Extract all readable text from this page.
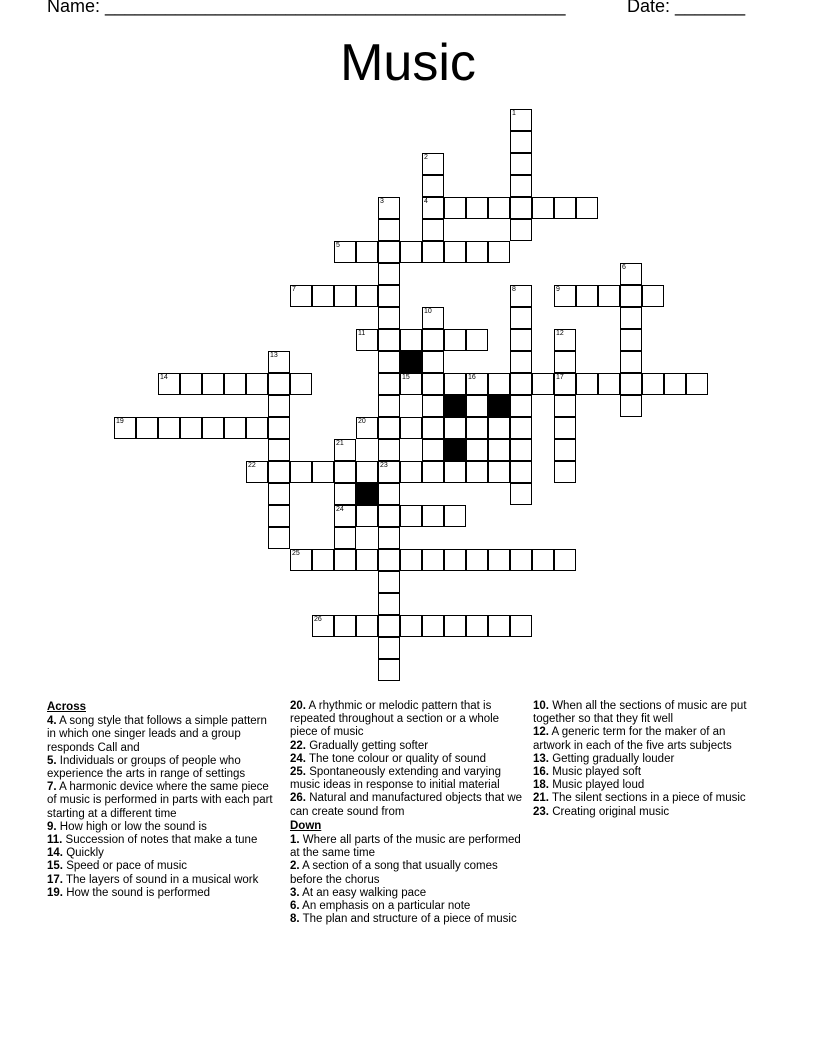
Name: ______________________________________________	Date: _______
Music
1
2
4
3
23
5
6
7	8	9
10
11	12
17
13
14	15	16
19	20
21
24
22
25
26
Across
4. A song style that follows a simple pattern in which one singer leads and a group responds Call and
5. Individuals or groups of people who experience the arts in range of settings
7. A harmonic device where the same piece of music is performed in parts with each part starting at a different time
9. How high or low the sound is
11. Succession of notes that make a tune
14. Quickly
15. Speed or pace of music
17. The layers of sound in a musical work
19. How the sound is performed
20. A rhythmic or melodic pattern that is repeated throughout a section or a whole piece of music
22. Gradually getting softer
24. The tone colour or quality of sound
25. Spontaneously extending and varying music ideas in response to initial material
26. Natural and manufactured objects that we can create sound from
Down
1. Where all parts of the music are performed at the same time
2. A section of a song that usually comes before the chorus
3. At an easy walking pace
6. An emphasis on a particular note
8. The plan and structure of a piece of music
10. When all the sections of music are put together so that they fit well
12. A generic term for the maker of an artwork in each of the five arts subjects
13. Getting gradually louder
16. Music played soft
18. Music played loud
21. The silent sections in a piece of music
23. Creating original music
